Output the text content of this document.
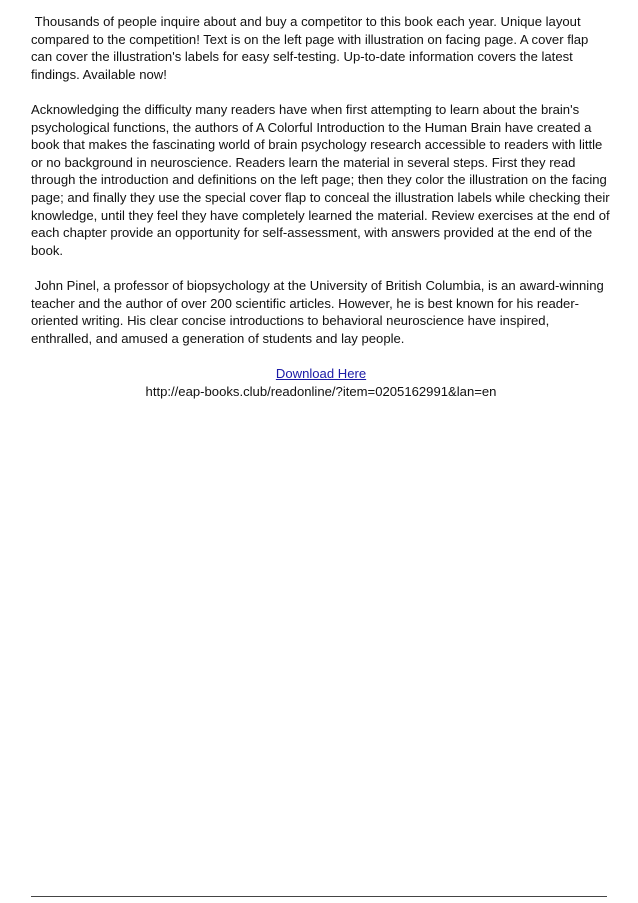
Thousands of people inquire about and buy a competitor to this book each year. Unique layout compared to the competition! Text is on the left page with illustration on facing page. A cover flap can cover the illustration's labels for easy self-testing. Up-to-date information covers the latest findings. Available now!

Acknowledging the difficulty many readers have when first attempting to learn about the brain's psychological functions, the authors of A Colorful Introduction to the Human Brain have created a book that makes the fascinating world of brain psychology research accessible to readers with little or no background in neuroscience. Readers learn the material in several steps. First they read through the introduction and definitions on the left page; then they color the illustration on the facing page; and finally they use the special cover flap to conceal the illustration labels while checking their knowledge, until they feel they have completely learned the material. Review exercises at the end of each chapter provide an opportunity for self-assessment, with answers provided at the end of the book.

John Pinel, a professor of biopsychology at the University of British Columbia, is an award-winning teacher and the author of over 200 scientific articles. However, he is best known for his reader-oriented writing. His clear concise introductions to behavioral neuroscience have inspired, enthralled, and amused a generation of students and lay people.

Download Here
http://eap-books.club/readonline/?item=0205162991&lan=en
